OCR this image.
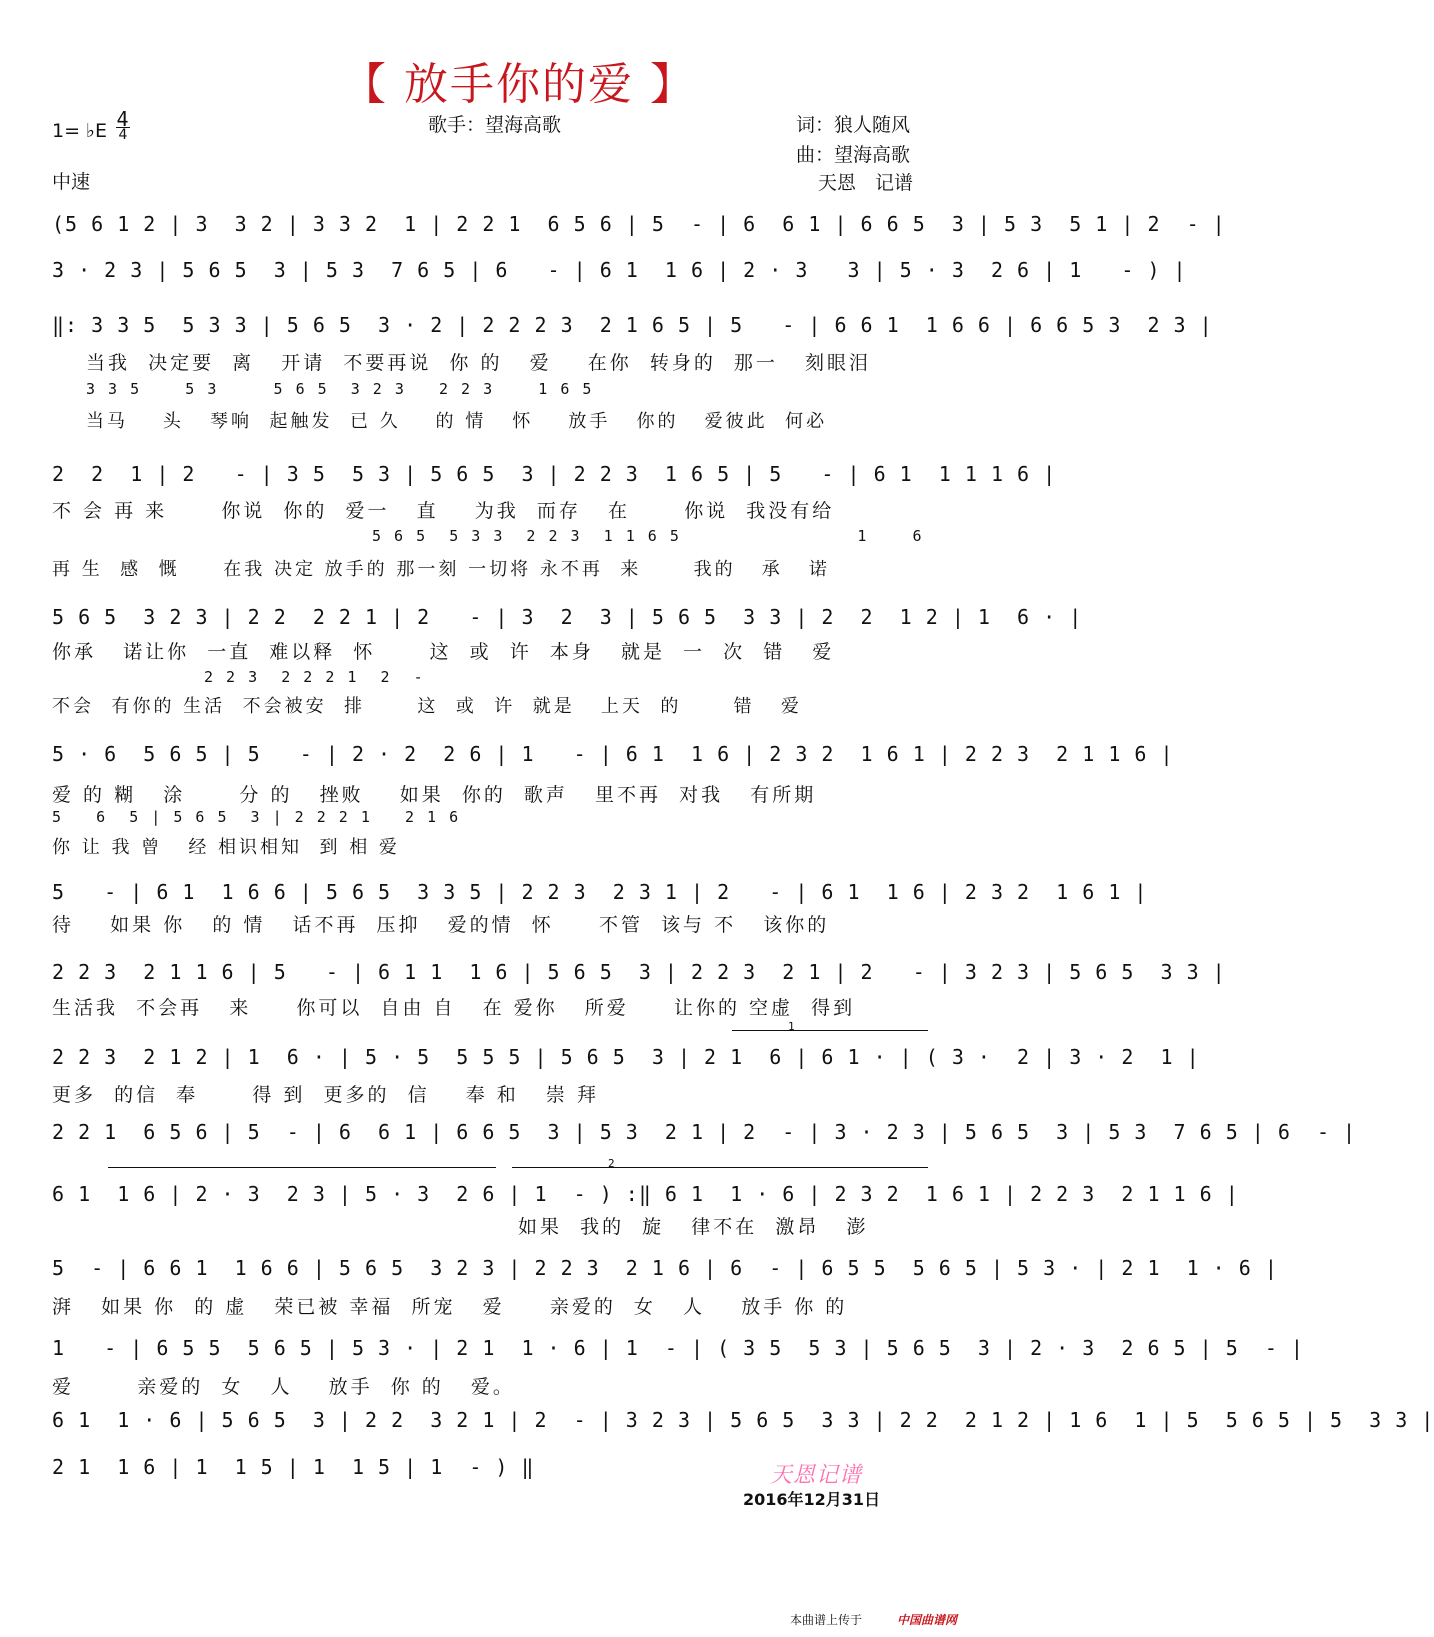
【 放手你的爱 】
1= ♭E 4
4
中速
歌手：望海高歌	词：狼人随风
曲：望海高歌
天恩　记谱
(5 6 1 2 | 3  3 2 | 3 3 2  1 | 2 2 1  6 5 6 | 5  - | 6  6 1 | 6 6 5  3 | 5 3  5 1 | 2  - |
3 · 2 3 | 5 6 5  3 | 5 3  7 6 5 | 6   - | 6 1  1 6 | 2 · 3   3 | 5 · 3  2 6 | 1   - ) |
‖: 3 3 5  5 3 3 | 5 6 5  3 · 2 | 2 2 2 3  2 1 6 5 | 5   - | 6 6 1  1 6 6 | 6 6 5 3  2 3 |
当我  决定要  离   开请  不要再说  你 的   爱    在你  转身的  那一   刻眼泪
3 3 5    5 3     5 6 5  3 2 3   2 2 3    1 6 5
当马    头   琴响  起触发  已 久    的 情   怀    放手   你的   爱彼此  何必
2  2  1 | 2   - | 3 5  5 3 | 5 6 5  3 | 2 2 3  1 6 5 | 5   - | 6 1  1 1 1 6 |
不 会 再 来      你说  你的  爱一   直    为我  而存   在      你说  我没有给
5 6 5  5 3 3  2 2 3  1 1 6 5                1    6
再 生  感  慨     在我 决定 放手的 那一刻 一切将 永不再  来      我的   承   诺
5 6 5  3 2 3 | 2 2  2 2 1 | 2   - | 3  2  3 | 5 6 5  3 3 | 2  2  1 2 | 1  6 · |
你承   诺让你  一直  难以释  怀      这  或  许  本身   就是  一  次  错   爱
2 2 3  2 2 2 1  2  -
不会  有你的 生活  不会被安  排      这  或  许  就是   上天  的      错   爱
5 · 6  5 6 5 | 5   - | 2 · 2  2 6 | 1   - | 6 1  1 6 | 2 3 2  1 6 1 | 2 2 3  2 1 1 6 |
爱 的 糊   涂      分 的   挫败    如果  你的  歌声   里不再  对我   有所期
5   6  5 | 5 6 5  3 | 2 2 2 1   2 1 6
你 让 我 曾   经 相识相知  到 相 爱
5   - | 6 1  1 6 6 | 5 6 5  3 3 5 | 2 2 3  2 3 1 | 2   - | 6 1  1 6 | 2 3 2  1 6 1 |
待    如果 你   的 情   话不再  压抑   爱的情  怀     不管  该与 不   该你的
2 2 3  2 1 1 6 | 5   - | 6 1 1  1 6 | 5 6 5  3 | 2 2 3  2 1 | 2   - | 3 2 3 | 5 6 5  3 3 |
生活我  不会再   来     你可以  自由 自   在 爱你   所爱     让你的 空虚  得到
1
2 2 3  2 1 2 | 1  6 · | 5 · 5  5 5 5 | 5 6 5  3 | 2 1  6 | 6 1 · | ( 3 ·  2 | 3 · 2  1 |
更多  的信  奉      得 到  更多的  信    奉 和   崇 拜
2 2 1  6 5 6 | 5  - | 6  6 1 | 6 6 5  3 | 5 3  2 1 | 2  - | 3 · 2 3 | 5 6 5  3 | 5 3  7 6 5 | 6  - |
2
6 1  1 6 | 2 · 3  2 3 | 5 · 3  2 6 | 1  - ) :‖ 6 1  1 · 6 | 2 3 2  1 6 1 | 2 2 3  2 1 1 6 |
如果  我的  旋   律不在  激昂   澎
5  - | 6 6 1  1 6 6 | 5 6 5  3 2 3 | 2 2 3  2 1 6 | 6  - | 6 5 5  5 6 5 | 5 3 · | 2 1  1 · 6 |
湃   如果 你  的 虚   荣已被 幸福  所宠   爱     亲爱的  女   人    放手 你 的
1   - | 6 5 5  5 6 5 | 5 3 · | 2 1  1 · 6 | 1  - | ( 3 5  5 3 | 5 6 5  3 | 2 · 3  2 6 5 | 5  - |
爱       亲爱的  女   人    放手  你 的   爱。
6 1  1 · 6 | 5 6 5  3 | 2 2  3 2 1 | 2  - | 3 2 3 | 5 6 5  3 3 | 2 2  2 1 2 | 1 6  1 | 5  5 6 5 | 5  3 3 |
2 1  1 6 | 1  1 5 | 1  1 5 | 1  - ) ‖	天恩记谱
2016年12月31日
本曲谱上传于	中国曲谱网
